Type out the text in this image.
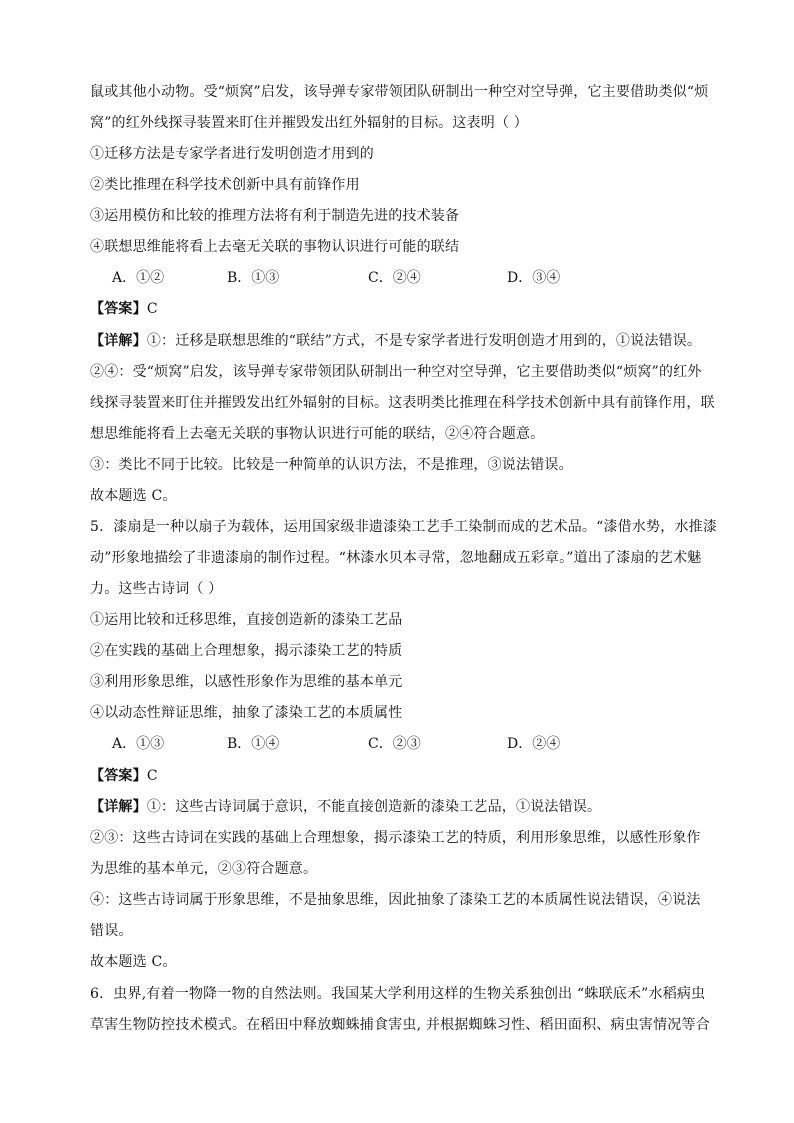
鼠或其他小动物。受“烦窝”启发，该导弹专家带领团队研制出一种空对空导弹，它主要借助类似“烦
窝”的红外线探寻装置来盯住并摧毁发出红外辐射的目标。这表明（ ）
①迁移方法是专家学者进行发明创造才用到的
②类比推理在科学技术创新中具有前锋作用
③运用模仿和比较的推理方法将有利于制造先进的技术装备
④联想思维能将看上去毫无关联的事物认识进行可能的联结
A．①②	B．①③	C．②④	D．③④
【答案】C
【详解】①：迁移是联想思维的“联结”方式，不是专家学者进行发明创造才用到的，①说法错误。
②④：受“烦窝”启发，该导弹专家带领团队研制出一种空对空导弹，它主要借助类似“烦窝”的红外
线探寻装置来盯住并摧毁发出红外辐射的目标。这表明类比推理在科学技术创新中具有前锋作用，联
想思维能将看上去毫无关联的事物认识进行可能的联结，②④符合题意。
③：类比不同于比较。比较是一种简单的认识方法，不是推理，③说法错误。
故本题选 C。
5．漆扇是一种以扇子为载体，运用国家级非遗漆染工艺手工染制而成的艺术品。“漆借水势，水推漆
动”形象地描绘了非遗漆扇的制作过程。“林漆水贝本寻常，忽地翻成五彩章。”道出了漆扇的艺术魅
力。这些古诗词（ ）
①运用比较和迁移思维，直接创造新的漆染工艺品
②在实践的基础上合理想象，揭示漆染工艺的特质
③利用形象思维，以感性形象作为思维的基本单元
④以动态性辩证思维，抽象了漆染工艺的本质属性
A．①③	B．①④	C．②③	D．②④
【答案】C
【详解】①：这些古诗词属于意识，不能直接创造新的漆染工艺品，①说法错误。
②③：这些古诗词在实践的基础上合理想象，揭示漆染工艺的特质，利用形象思维，以感性形象作
为思维的基本单元，②③符合题意。
④：这些古诗词属于形象思维，不是抽象思维，因此抽象了漆染工艺的本质属性说法错误，④说法
错误。
故本题选 C。
6．虫界,有着一物降一物的自然法则。我国某大学利用这样的生物关系独创出 “蛛联底禾”水稻病虫
草害生物防控技术模式。在稻田中释放蜘蛛捕食害虫, 并根据蜘蛛习性、稻田面积、病虫害情况等合
